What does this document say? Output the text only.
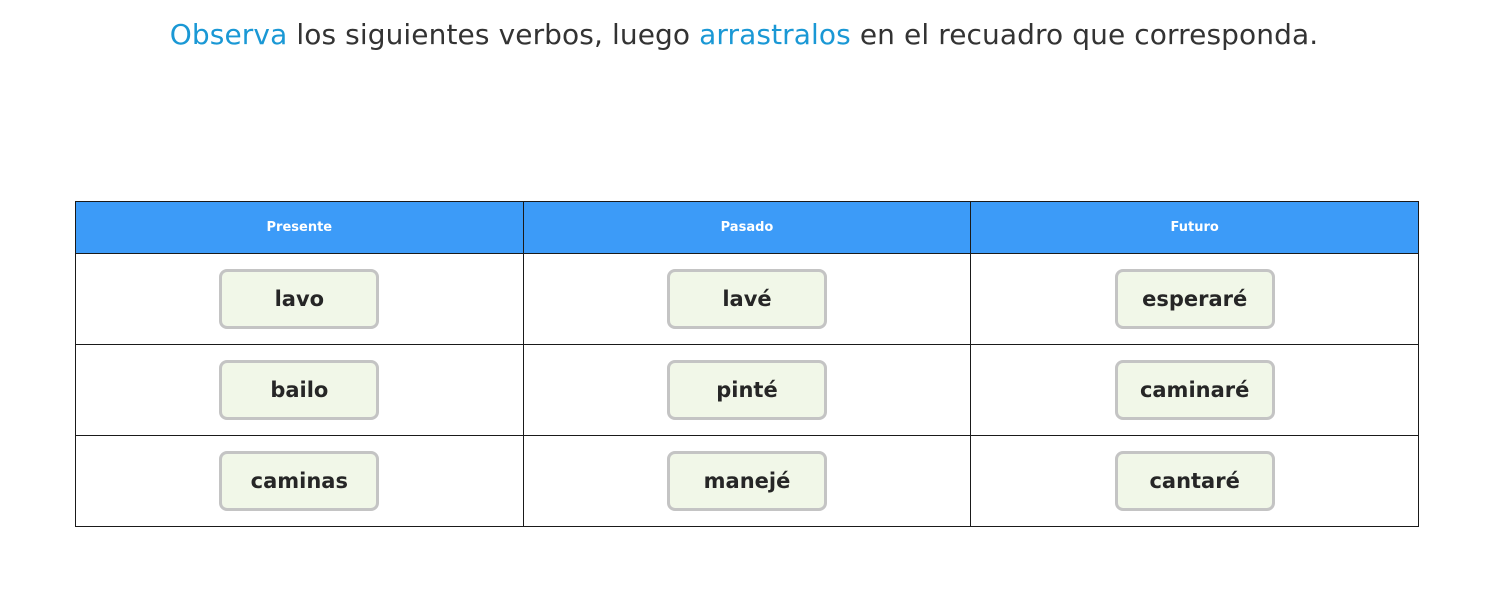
Observa los siguientes verbos, luego arrastralos en el recuadro que corresponda.
Presente	Pasado	Futuro
lavo	lavé	esperaré
bailo	pinté	caminaré
caminas	manejé	cantaré
